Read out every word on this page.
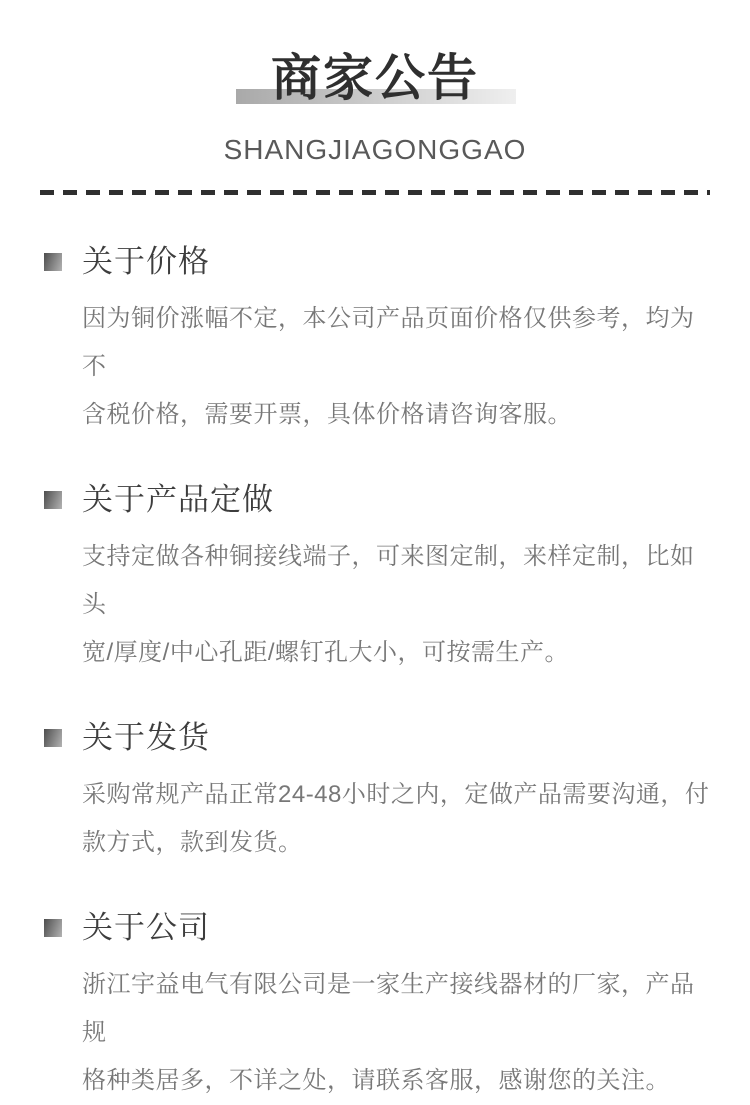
商家公告
SHANGJIAGONGGAO
关于价格
因为铜价涨幅不定，本公司产品页面价格仅供参考，均为不
含税价格，需要开票，具体价格请咨询客服。
关于产品定做
支持定做各种铜接线端子，可来图定制，来样定制，比如头
宽/厚度/中心孔距/螺钉孔大小，可按需生产。
关于发货
采购常规产品正常24-48小时之内，定做产品需要沟通，付
款方式，款到发货。
关于公司
浙江宇益电气有限公司是一家生产接线器材的厂家，产品规
格种类居多，不详之处，请联系客服，感谢您的关注。
